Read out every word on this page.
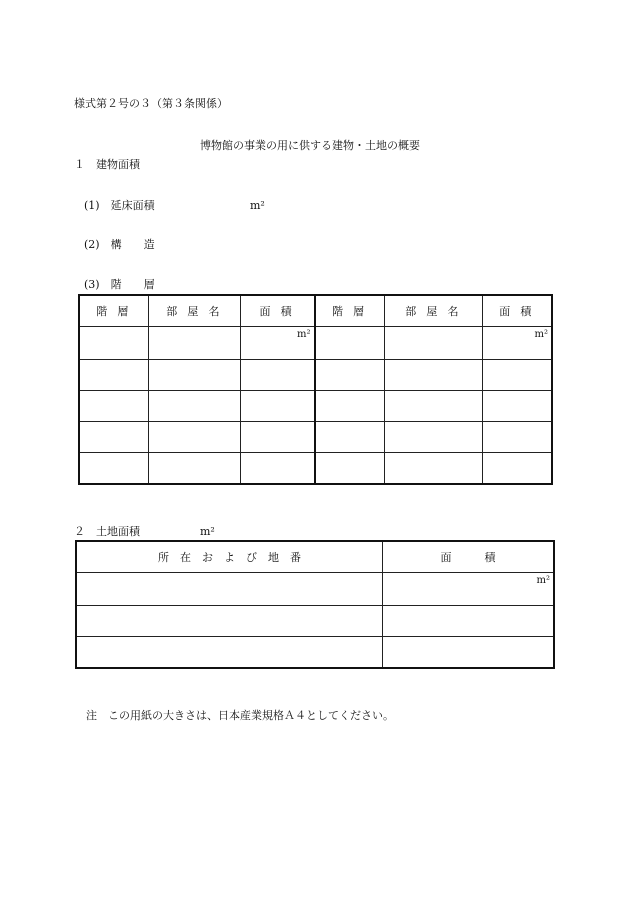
様式第２号の３（第３条関係）
博物館の事業の用に供する建物・土地の概要
１　建物面積
(1)　延床面積	m²
(2)　構　　造
(3)　階　　層
階 層	部 屋 名	面 積	階 層	部 屋 名	面 積
		m²			m²

２　土地面積	m²
所　在　お　よ　び　地　番	面　　　積
	m²

注　この用紙の大きさは、日本産業規格Ａ４としてください。
